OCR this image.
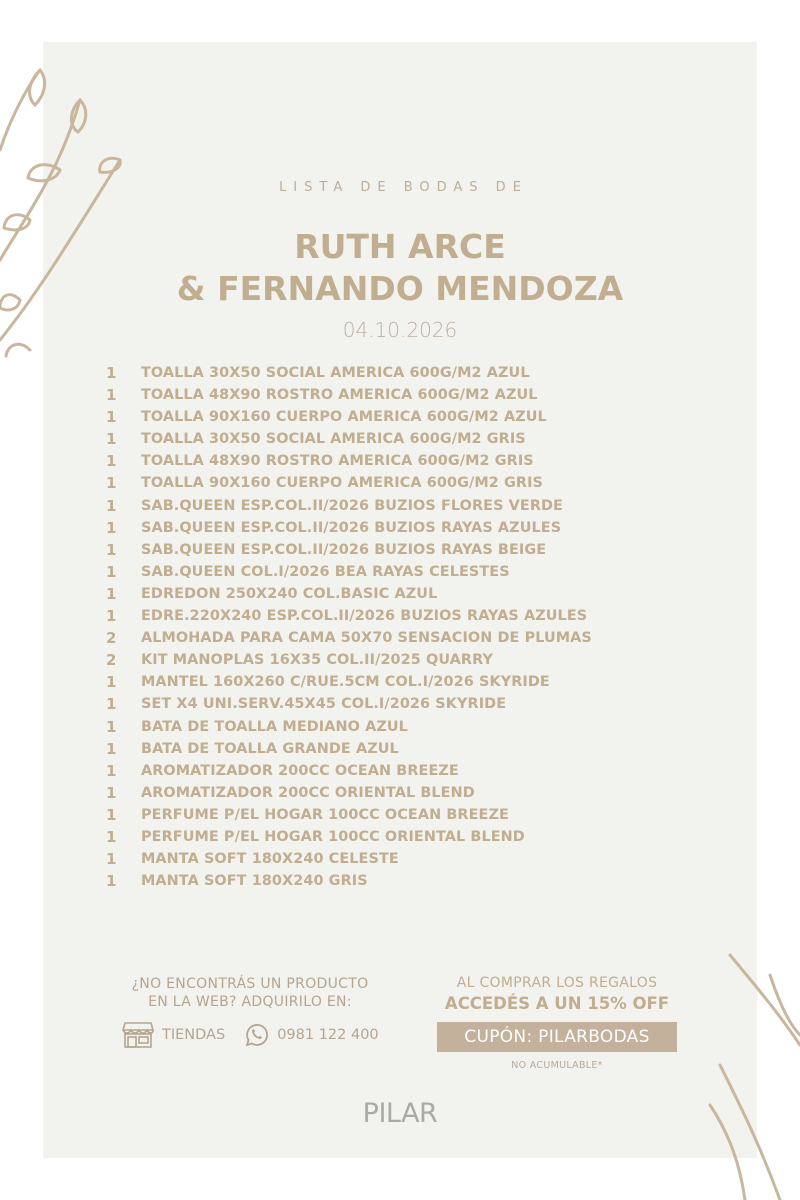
LISTA DE BODAS DE
RUTH ARCE
& FERNANDO MENDOZA
04.10.2026
1	TOALLA 30X50 SOCIAL AMERICA 600G/M2 AZUL
1	TOALLA 48X90 ROSTRO AMERICA 600G/M2 AZUL
1	TOALLA 90X160 CUERPO AMERICA 600G/M2 AZUL
1	TOALLA 30X50 SOCIAL AMERICA 600G/M2 GRIS
1	TOALLA 48X90 ROSTRO AMERICA 600G/M2 GRIS
1	TOALLA 90X160 CUERPO AMERICA 600G/M2 GRIS
1	SAB.QUEEN ESP.COL.II/2026 BUZIOS FLORES VERDE
1	SAB.QUEEN ESP.COL.II/2026 BUZIOS RAYAS AZULES
1	SAB.QUEEN ESP.COL.II/2026 BUZIOS RAYAS BEIGE
1	SAB.QUEEN COL.I/2026 BEA RAYAS CELESTES
1	EDREDON 250X240 COL.BASIC AZUL
1	EDRE.220X240 ESP.COL.II/2026 BUZIOS RAYAS AZULES
2	ALMOHADA PARA CAMA 50X70 SENSACION DE PLUMAS
2	KIT MANOPLAS 16X35 COL.II/2025 QUARRY
1	MANTEL 160X260 C/RUE.5CM COL.I/2026 SKYRIDE
1	SET X4 UNI.SERV.45X45 COL.I/2026 SKYRIDE
1	BATA DE TOALLA MEDIANO AZUL
1	BATA DE TOALLA GRANDE AZUL
1	AROMATIZADOR 200CC OCEAN BREEZE
1	AROMATIZADOR 200CC ORIENTAL BLEND
1	PERFUME P/EL HOGAR 100CC OCEAN BREEZE
1	PERFUME P/EL HOGAR 100CC ORIENTAL BLEND
1	MANTA SOFT 180X240 CELESTE
1	MANTA SOFT 180X240 GRIS
¿NO ENCONTRÁS UN PRODUCTO
EN LA WEB? ADQUIRILO EN:
TIENDAS	0981 122 400
AL COMPRAR LOS REGALOS
ACCEDÉS A UN 15% OFF
CUPÓN: PILARBODAS
NO ACUMULABLE*
PILAR
